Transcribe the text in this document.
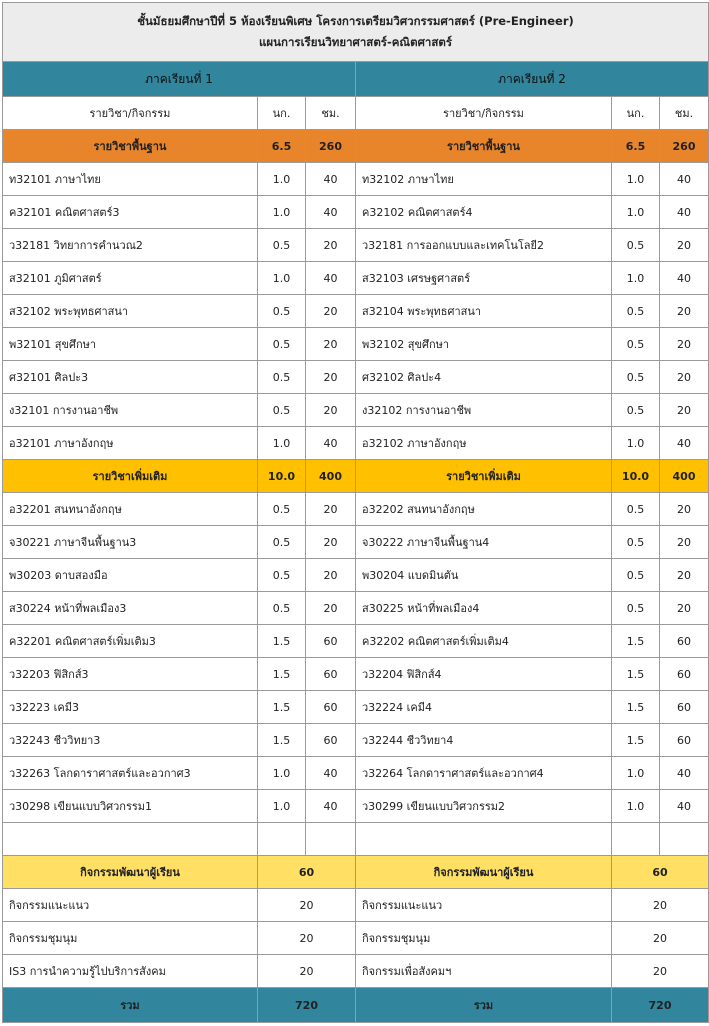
ชั้นมัธยมศึกษาปีที่ 5 ห้องเรียนพิเศษ โครงการเตรียมวิศวกรรมศาสตร์ (Pre-Engineer)
แผนการเรียนวิทยาศาสตร์-คณิตศาสตร์					

ภาคเรียนที่ 1			ภาคเรียนที่ 2		
รายวิชา/กิจกรรม	นก.	ชม.	รายวิชา/กิจกรรม	นก.	ชม.
รายวิชาพื้นฐาน	6.5	260	รายวิชาพื้นฐาน	6.5	260
ท32101 ภาษาไทย	1.0	40	ท32102 ภาษาไทย	1.0	40
ค32101 คณิตศาสตร์3	1.0	40	ค32102 คณิตศาสตร์4	1.0	40
ว32181 วิทยาการคำนวณ2	0.5	20	ว32181 การออกแบบและเทคโนโลยี2	0.5	20
ส32101 ภูมิศาสตร์	1.0	40	ส32103 เศรษฐศาสตร์	1.0	40
ส32102 พระพุทธศาสนา	0.5	20	ส32104 พระพุทธศาสนา	0.5	20
พ32101 สุขศึกษา	0.5	20	พ32102 สุขศึกษา	0.5	20
ศ32101 ศิลปะ3	0.5	20	ศ32102 ศิลปะ4	0.5	20
ง32101 การงานอาชีพ	0.5	20	ง32102 การงานอาชีพ	0.5	20
อ32101 ภาษาอังกฤษ	1.0	40	อ32102 ภาษาอังกฤษ	1.0	40
รายวิชาเพิ่มเติม	10.0	400	รายวิชาเพิ่มเติม	10.0	400
อ32201 สนทนาอังกฤษ	0.5	20	อ32202 สนทนาอังกฤษ	0.5	20
จ30221 ภาษาจีนพื้นฐาน3	0.5	20	จ30222 ภาษาจีนพื้นฐาน4	0.5	20
พ30203 ดาบสองมือ	0.5	20	พ30204 แบดมินตัน	0.5	20
ส30224 หน้าที่พลเมือง3	0.5	20	ส30225 หน้าที่พลเมือง4	0.5	20
ค32201 คณิตศาสตร์เพิ่มเติม3	1.5	60	ค32202 คณิตศาสตร์เพิ่มเติม4	1.5	60
ว32203 ฟิสิกส์3	1.5	60	ว32204 ฟิสิกส์4	1.5	60
ว32223 เคมี3	1.5	60	ว32224 เคมี4	1.5	60
ว32243 ชีววิทยา3	1.5	60	ว32244 ชีววิทยา4	1.5	60
ว32263 โลกดาราศาสตร์และอวกาศ3	1.0	40	ว32264 โลกดาราศาสตร์และอวกาศ4	1.0	40
ว30298 เขียนแบบวิศวกรรม1	1.0	40	ว30299 เขียนแบบวิศวกรรม2	1.0	40

กิจกรรมพัฒนาผู้เรียน	60		กิจกรรมพัฒนาผู้เรียน	60	
กิจกรรมแนะแนว	20		กิจกรรมแนะแนว	20	
กิจกรรมชุมนุม	20		กิจกรรมชุมนุม	20	
IS3 การนำความรู้ไปบริการสังคม	20		กิจกรรมเพื่อสังคมฯ	20	
รวม	720		รวม	720	
